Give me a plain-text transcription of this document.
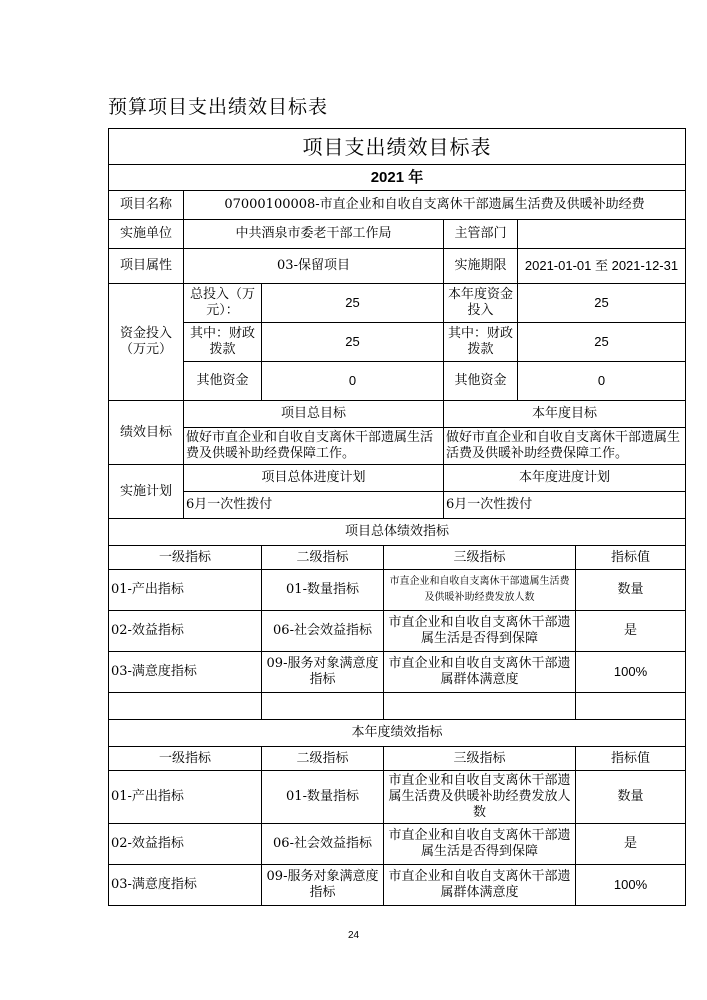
预算项目支出绩效目标表
项目支出绩效目标表						
2021 年						
项目名称	07000100008-市直企业和自收自支离休干部遗属生活费及供暖补助经费					
实施单位	中共酒泉市委老干部工作局			主管部门		
项目属性	03-保留项目			实施期限	2021-01-01 至 2021-12-31	
资金投入（万元）	总投入（万元）：	25		本年度资金投入	25	
	其中：财政拨款	25		其中：财政拨款	25	
	其他资金	0		其他资金	0	
绩效目标	项目总目标			本年度目标		
	做好市直企业和自收自支离休干部遗属生活费及供暖补助经费保障工作。			做好市直企业和自收自支离休干部遗属生活费及供暖补助经费保障工作。		
实施计划	项目总体进度计划			本年度进度计划		
	6月一次性拨付			6月一次性拨付		
项目总体绩效指标						
一级指标		二级指标	三级指标			指标值
01-产出指标		01-数量指标	市直企业和自收自支离休干部遗属生活费及供暖补助经费发放人数			数量
02-效益指标		06-社会效益指标	市直企业和自收自支离休干部遗属生活是否得到保障			是
03-满意度指标		09-服务对象满意度指标	市直企业和自收自支离休干部遗属群体满意度			100%

本年度绩效指标						
一级指标		二级指标	三级指标			指标值
01-产出指标		01-数量指标	市直企业和自收自支离休干部遗属生活费及供暖补助经费发放人数			数量
02-效益指标		06-社会效益指标	市直企业和自收自支离休干部遗属生活是否得到保障			是
03-满意度指标		09-服务对象满意度指标	市直企业和自收自支离休干部遗属群体满意度			100%
24
